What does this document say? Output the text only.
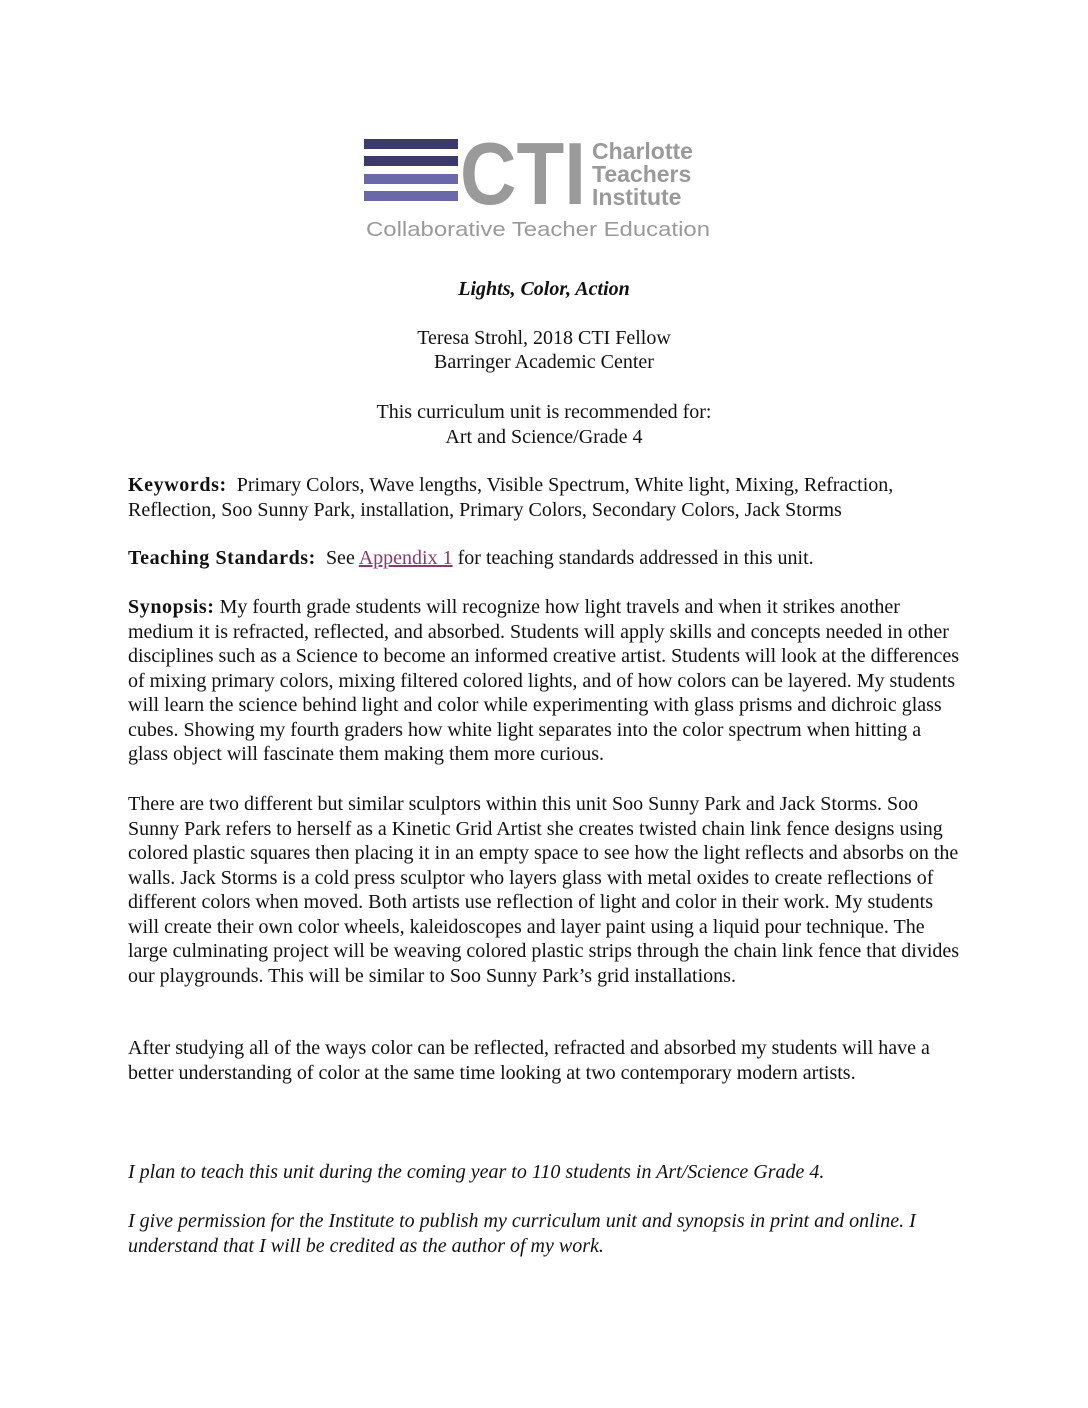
CTI Charlotte
Teachers
Institute
Collaborative Teacher Education
Lights, Color, Action
Teresa Strohl, 2018 CTI Fellow
Barringer Academic Center
This curriculum unit is recommended for:
Art and Science/Grade 4

Keywords: Primary Colors, Wave lengths, Visible Spectrum, White light, Mixing, Refraction, Reflection, Soo Sunny Park, installation, Primary Colors, Secondary Colors, Jack Storms

Teaching Standards: See Appendix 1 for teaching standards addressed in this unit.

Synopsis: My fourth grade students will recognize how light travels and when it strikes another medium it is refracted, reflected, and absorbed. Students will apply skills and concepts needed in other disciplines such as a Science to become an informed creative artist. Students will look at the differences of mixing primary colors, mixing filtered colored lights, and of how colors can be layered. My students will learn the science behind light and color while experimenting with glass prisms and dichroic glass cubes. Showing my fourth graders how white light separates into the color spectrum when hitting a glass object will fascinate them making them more curious.

There are two different but similar sculptors within this unit Soo Sunny Park and Jack Storms. Soo Sunny Park refers to herself as a Kinetic Grid Artist she creates twisted chain link fence designs using colored plastic squares then placing it in an empty space to see how the light reflects and absorbs on the walls. Jack Storms is a cold press sculptor who layers glass with metal oxides to create reflections of different colors when moved. Both artists use reflection of light and color in their work. My students will create their own color wheels, kaleidoscopes and layer paint using a liquid pour technique. The large culminating project will be weaving colored plastic strips through the chain link fence that divides our playgrounds. This will be similar to Soo Sunny Park’s grid installations.

After studying all of the ways color can be reflected, refracted and absorbed my students will have a better understanding of color at the same time looking at two contemporary modern artists.

I plan to teach this unit during the coming year to 110 students in Art/Science Grade 4.

I give permission for the Institute to publish my curriculum unit and synopsis in print and online. I understand that I will be credited as the author of my work.
